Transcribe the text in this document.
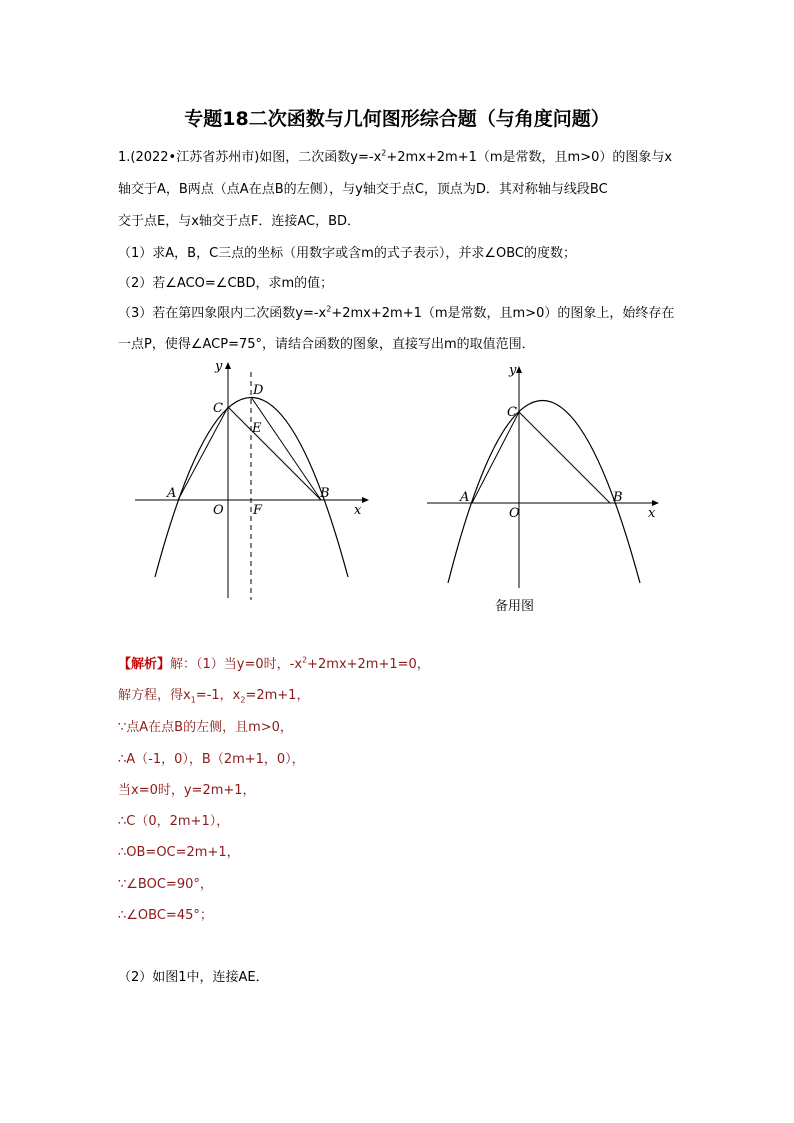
专题18二次函数与几何图形综合题（与角度问题）
1.(2022•江苏省苏州市)如图，二次函数$y=-x^2+2mx+2m+1(m$是常数，且m>0）的图象与x
轴交于A，B两点（点A在点B的左侧），与y轴交于点C，顶点为D．其对称轴与线段BC
交于点E，与x轴交于点F．连接AC，BD．
（1）求A，B，C三点的坐标（用数字或含m的式子表示），并求∠OBC的度数；
（2）若∠ACO=∠CBD，求m的值；
（3）若在第四象限内二次函数$y=-x^2+2mx+2m+1(m$是常数，且m>0）的图象上，始终存在
一点P，使得∠ACP=75°，请结合函数的图象，直接写出m的取值范围．
y
x
O
A	B
C
D
E
F
y
x
O
A	B
C
备用图
【解析】解：（1）当y=0时，$-x^2+2mx+2m+1=0$，
解方程，得$x_1=-1$，$x_2=2m+1$，
∵点A在点B的左侧，且m>0，
∴A（-1，0），B（2m+1，0），
当x=0时，y=2m+1，
∴C（0，2m+1），
∴OB=OC=2m+1，
∵∠BOC=90°，
∴∠OBC=45°；
（2）如图1中，连接AE．
